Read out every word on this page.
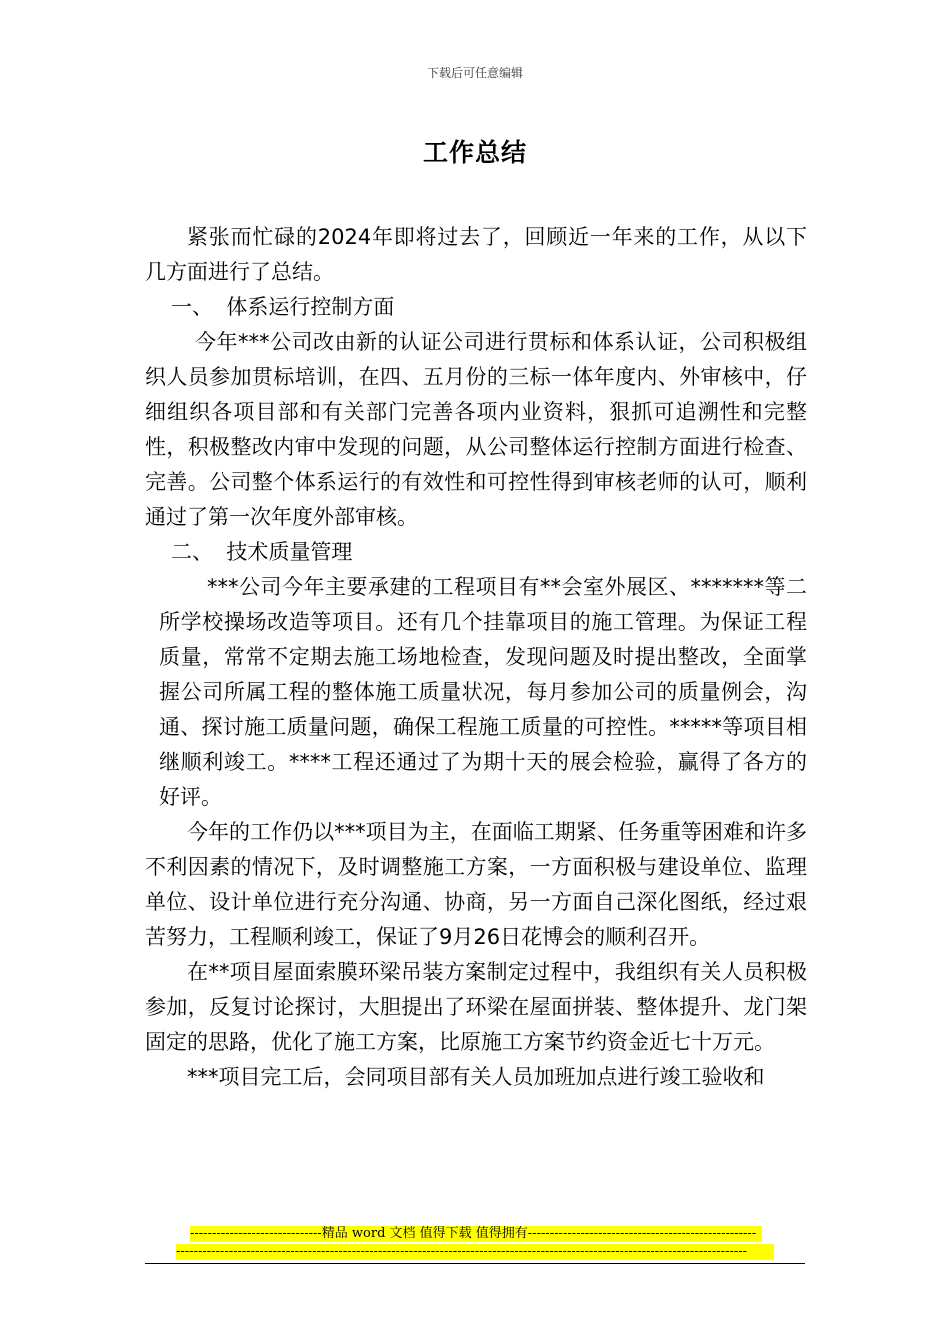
下载后可任意编辑
工作总结

紧张而忙碌的2024年即将过去了，回顾近一年来的工作，从以下几方面进行了总结。

一、  体系运行控制方面

今年***公司改由新的认证公司进行贯标和体系认证，公司积极组织人员参加贯标培训，在四、五月份的三标一体年度内、外审核中，仔细组织各项目部和有关部门完善各项内业资料，狠抓可追溯性和完整性，积极整改内审中发现的问题，从公司整体运行控制方面进行检查、完善。公司整个体系运行的有效性和可控性得到审核老师的认可，顺利通过了第一次年度外部审核。

二、  技术质量管理

***公司今年主要承建的工程项目有**会室外展区、*******等二所学校操场改造等项目。还有几个挂靠项目的施工管理。为保证工程质量，常常不定期去施工场地检查，发现问题及时提出整改，全面掌握公司所属工程的整体施工质量状况，每月参加公司的质量例会，沟通、探讨施工质量问题，确保工程施工质量的可控性。*****等项目相继顺利竣工。****工程还通过了为期十天的展会检验，赢得了各方的好评。

今年的工作仍以***项目为主，在面临工期紧、任务重等困难和许多不利因素的情况下，及时调整施工方案，一方面积极与建设单位、监理单位、设计单位进行充分沟通、协商，另一方面自己深化图纸，经过艰苦努力，工程顺利竣工，保证了9月26日花博会的顺利召开。

在**项目屋面索膜环梁吊装方案制定过程中，我组织有关人员积极参加，反复讨论探讨，大胆提出了环梁在屋面拼装、整体提升、龙门架固定的思路，优化了施工方案，比原施工方案节约资金近七十万元。

***项目完工后，会同项目部有关人员加班加点进行竣工验收和

------------------------------精品 word 文档 值得下载 值得拥有----------------------------------------------------
----------------------------------------------------------------------------------------------------------------------------------
